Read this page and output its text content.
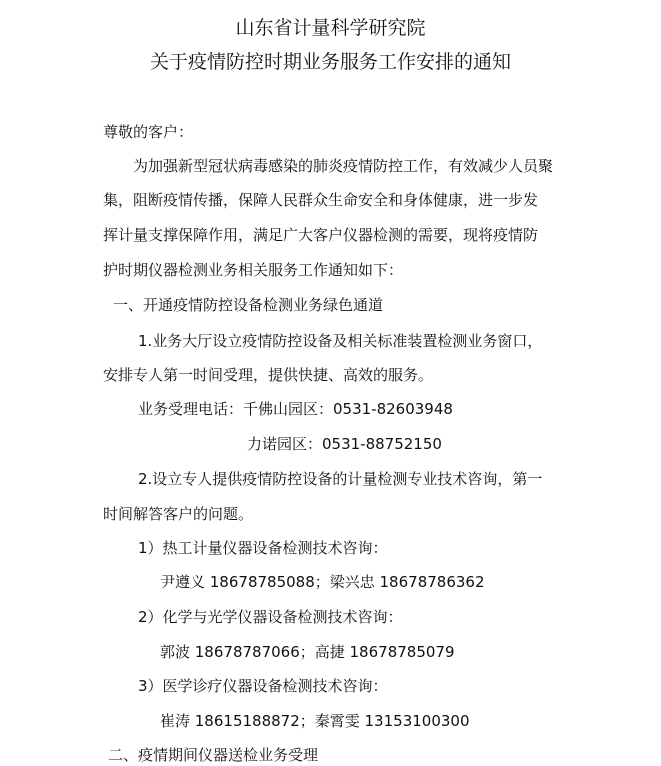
山东省计量科学研究院
关于疫情防控时期业务服务工作安排的通知
尊敬的客户：
为加强新型冠状病毒感染的肺炎疫情防控工作，有效减少人员聚
集，阻断疫情传播，保障人民群众生命安全和身体健康，进一步发
挥计量支撑保障作用，满足广大客户仪器检测的需要，现将疫情防
护时期仪器检测业务相关服务工作通知如下：
一、开通疫情防控设备检测业务绿色通道
1.业务大厅设立疫情防控设备及相关标准装置检测业务窗口，
安排专人第一时间受理，提供快捷、高效的服务。
业务受理电话：千佛山园区：0531-82603948
力诺园区：0531-88752150
2.设立专人提供疫情防控设备的计量检测专业技术咨询，第一
时间解答客户的问题。
1）热工计量仪器设备检测技术咨询：
尹遵义 18678785088；梁兴忠 18678786362
2）化学与光学仪器设备检测技术咨询：
郭波 18678787066；高捷 18678785079
3）医学诊疗仪器设备检测技术咨询：
崔涛 18615188872；秦霄雯 13153100300
二、疫情期间仪器送检业务受理
